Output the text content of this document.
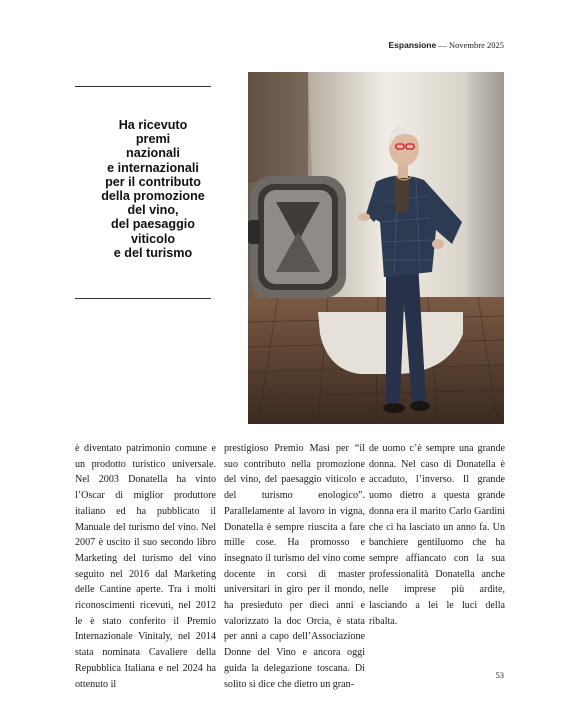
Espansione — Novembre 2025
Ha ricevuto
premi
nazionali
e internazionali
per il contributo
della promozione
del vino,
del paesaggio
viticolo
e del turismo

è diventato patrimonio comune e un prodotto turistico universale. Nel 2003 Donatella ha vinto l’Oscar di miglior produttore italiano ed ha pubblicato il Manuale del turismo del vino. Nel 2007 è uscito il suo secondo libro Marketing del turismo del vino seguito nel 2016 dal Marketing delle Cantine aperte. Tra i molti riconoscimenti ricevuti, nel 2012 le è stato conferito il Premio Internazionale Vinitaly, nel 2014 stata nominata Cavaliere della Repubblica Italiana e nel 2024 ha ottenuto il

prestigioso Premio Masi per “il suo contributo nella promozione del vino, del paesaggio viticolo e del turismo enologico”. Parallelamente al lavoro in vigna, Donatella è sempre riuscita a fare mille cose. Ha promosso e insegnato il turismo del vino come docente in corsi di master universitari in giro per il mondo, ha presieduto per dieci anni e valorizzato la doc Orcia, è stata per anni a capo dell’Associazione Donne del Vino e ancora oggi guida la delegazione toscana. Di solito si dice che dietro un gran-

de uomo c’è sempre una grande donna. Nel caso di Donatella è accaduto, l’inverso. Il grande uomo dietro a questa grande donna era il marito Carlo Gardini che ci ha lasciato un anno fa. Un banchiere gentiluomo che ha sempre affiancato con la sua professionalità Donatella anche nelle imprese più ardite, lasciando a lei le luci della ribalta.

53
